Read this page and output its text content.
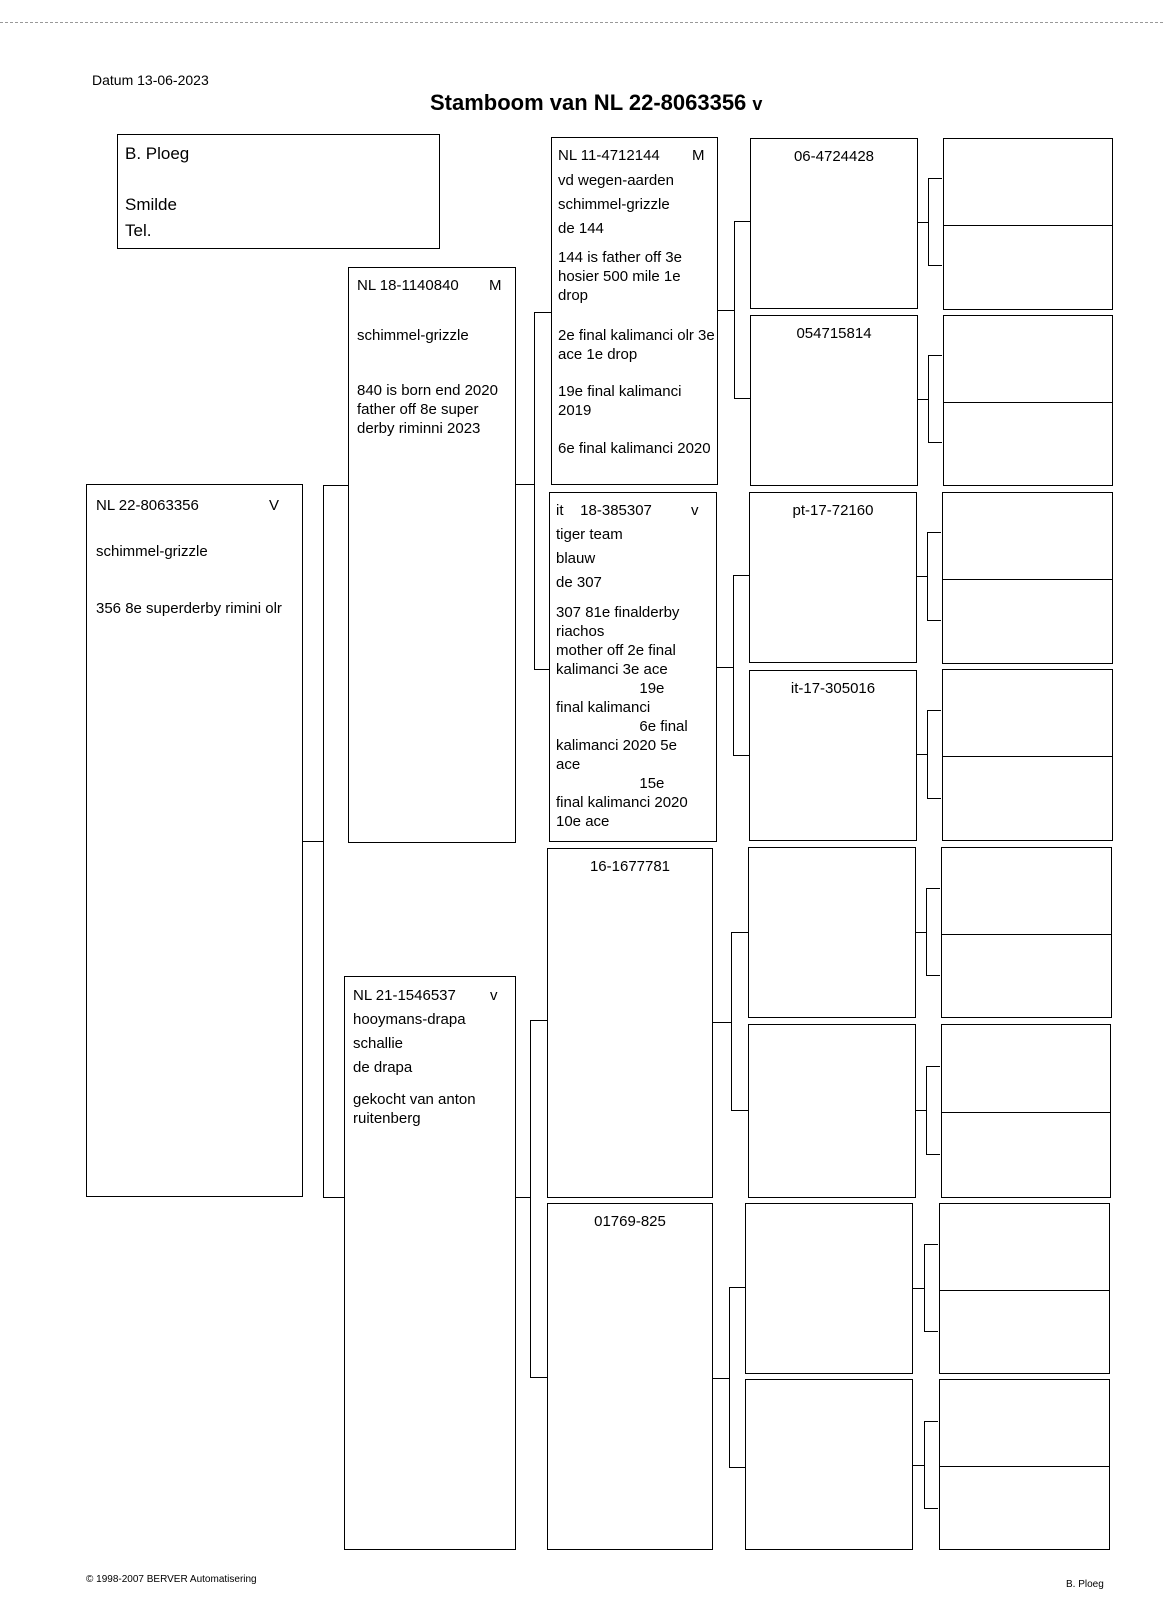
Datum 13-06-2023
Stamboom van NL 22-8063356 v
B. Ploeg
Smilde
Tel.
NL 22-8063356	V
schimmel-grizzle
356 8e superderby rimini olr
NL 18-1140840 M
schimmel-grizzle
840 is born end 2020
father off 8e super derby riminni 2023
NL 21-1546537 v
hooymans-drapa
schallie
de drapa
gekocht van anton ruitenberg
NL 11-4712144 M
vd wegen-aarden
schimmel-grizzle
de 144
144 is father off 3e hosier 500 mile 1e drop
2e final kalimanci olr 3e ace 1e drop
19e final kalimanci 2019
6e final kalimanci 2020
it    18-385307	v
tiger team
blauw
de 307
307 81e finalderby riachos
mother off 2e final kalimanci 3e ace
19e
final kalimanci
6e final
kalimanci 2020 5e
ace
15e
final kalimanci 2020
10e ace
16-1677781
01769-825
06-4724428
054715814
pt-17-72160
it-17-305016
© 1998-2007 BERVER Automatisering	B. Ploeg
